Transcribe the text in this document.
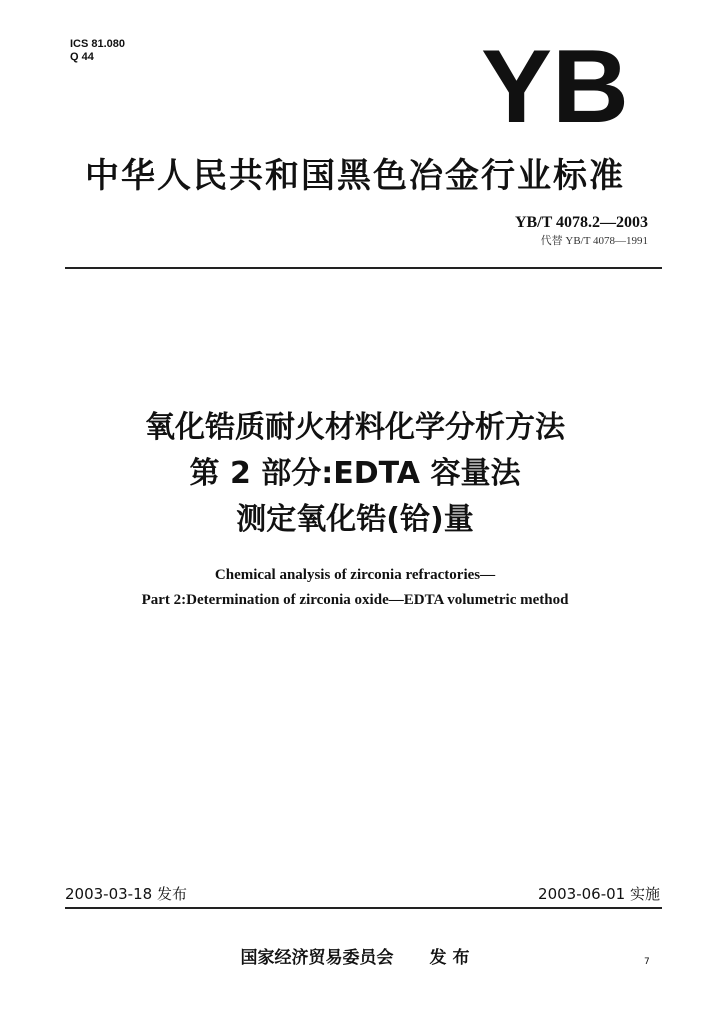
ICS 81.080
Q 44	YB
中华人民共和国黑色冶金行业标准
YB/T 4078.2—2003
代替 YB/T 4078—1991
氧化锆质耐火材料化学分析方法
第 2 部分:EDTA 容量法
测定氧化锆(铪)量
Chemical analysis of zirconia refractories—
Part 2:Determination of zirconia oxide—EDTA volumetric method
2003-03-18 发布	2003-06-01 实施
国家经济贸易委员会 发 布	7
